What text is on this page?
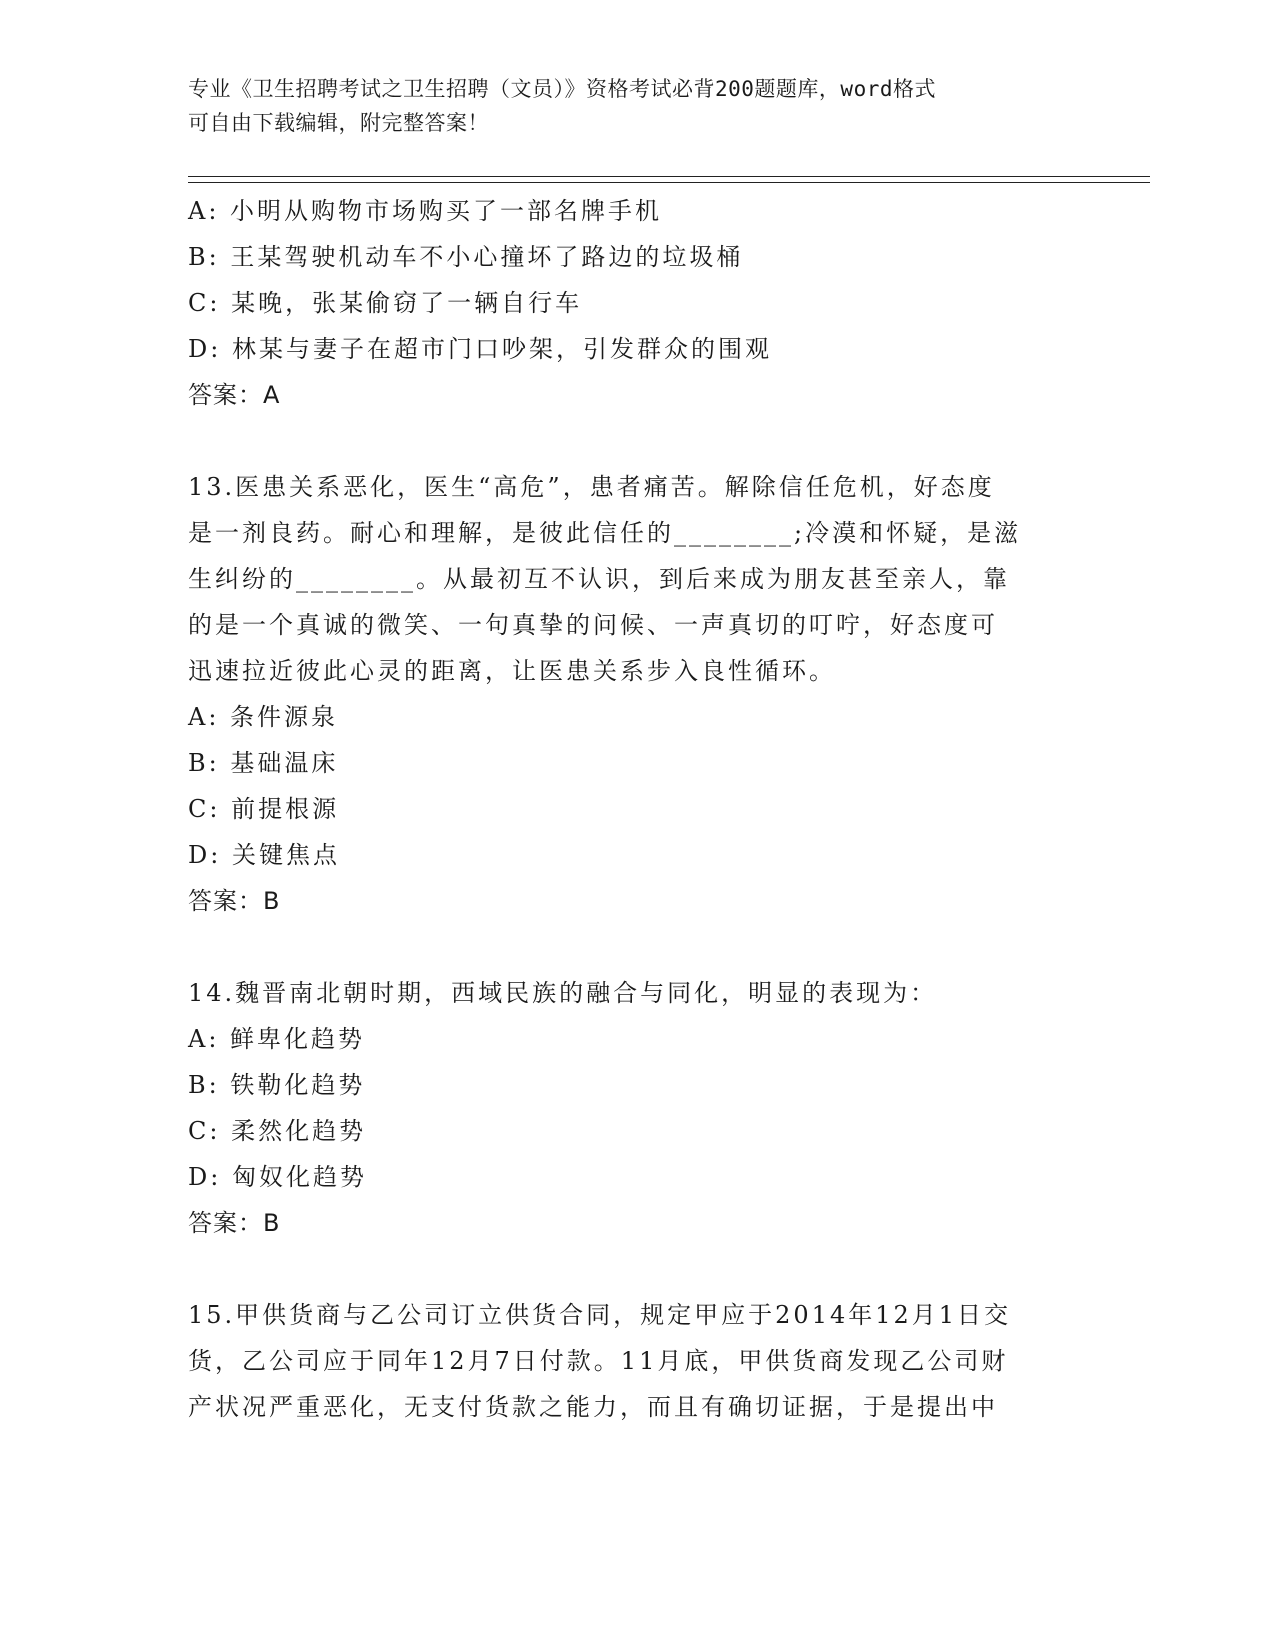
专业《卫生招聘考试之卫生招聘（文员）》资格考试必背200题题库，word格式
可自由下载编辑，附完整答案！
A: 小明从购物市场购买了一部名牌手机
B: 王某驾驶机动车不小心撞坏了路边的垃圾桶
C: 某晚，张某偷窃了一辆自行车
D: 林某与妻子在超市门口吵架，引发群众的围观
答案：A
13.医患关系恶化，医生“高危”，患者痛苦。解除信任危机，好态度
是一剂良药。耐心和理解，是彼此信任的________;冷漠和怀疑，是滋
生纠纷的________。从最初互不认识，到后来成为朋友甚至亲人，靠
的是一个真诚的微笑、一句真挚的问候、一声真切的叮咛，好态度可
迅速拉近彼此心灵的距离，让医患关系步入良性循环。
A: 条件源泉
B: 基础温床
C: 前提根源
D: 关键焦点
答案：B
14.魏晋南北朝时期，西域民族的融合与同化，明显的表现为：
A: 鲜卑化趋势
B: 铁勒化趋势
C: 柔然化趋势
D: 匈奴化趋势
答案：B
15.甲供货商与乙公司订立供货合同，规定甲应于2014年12月1日交
货，乙公司应于同年12月7日付款。11月底，甲供货商发现乙公司财
产状况严重恶化，无支付货款之能力，而且有确切证据，于是提出中
